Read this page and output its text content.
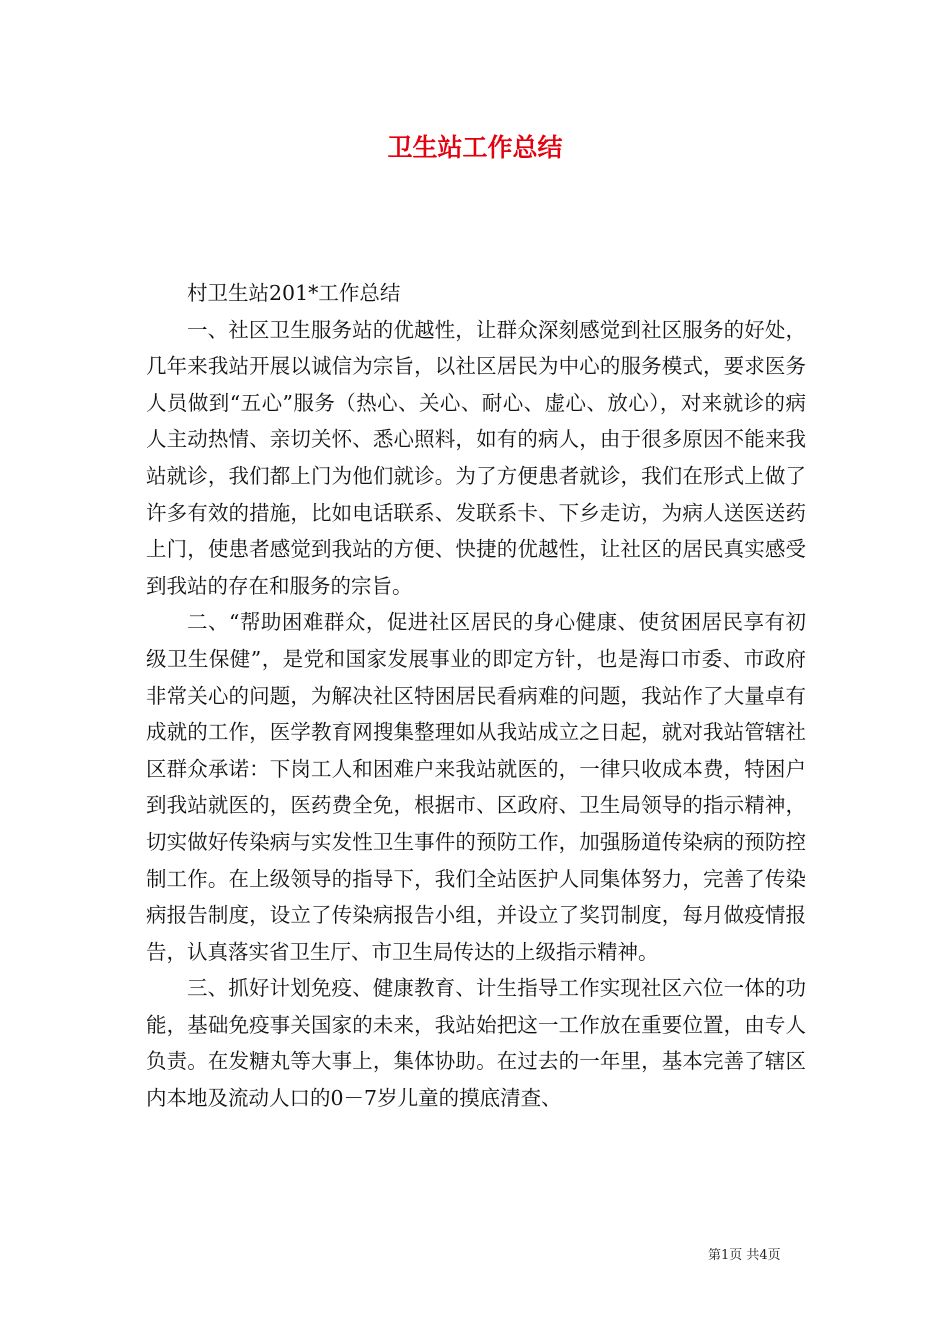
卫生站工作总结

村卫生站201*工作总结

一、社区卫生服务站的优越性，让群众深刻感觉到社区服务的好处，几年来我站开展以诚信为宗旨，以社区居民为中心的服务模式，要求医务人员做到“五心”服务（热心、关心、耐心、虚心、放心），对来就诊的病人主动热情、亲切关怀、悉心照料，如有的病人，由于很多原因不能来我站就诊，我们都上门为他们就诊。为了方便患者就诊，我们在形式上做了许多有效的措施，比如电话联系、发联系卡、下乡走访，为病人送医送药上门，使患者感觉到我站的方便、快捷的优越性，让社区的居民真实感受到我站的存在和服务的宗旨。

二、“帮助困难群众，促进社区居民的身心健康、使贫困居民享有初级卫生保健”，是党和国家发展事业的即定方针，也是海口市委、市政府非常关心的问题，为解决社区特困居民看病难的问题，我站作了大量卓有成就的工作，医学教育网搜集整理如从我站成立之日起，就对我站管辖社区群众承诺：下岗工人和困难户来我站就医的，一律只收成本费，特困户到我站就医的，医药费全免，根据市、区政府、卫生局领导的指示精神，切实做好传染病与实发性卫生事件的预防工作，加强肠道传染病的预防控制工作。在上级领导的指导下，我们全站医护人同集体努力，完善了传染病报告制度，设立了传染病报告小组，并设立了奖罚制度，每月做疫情报告，认真落实省卫生厅、市卫生局传达的上级指示精神。

三、抓好计划免疫、健康教育、计生指导工作实现社区六位一体的功能，基础免疫事关国家的未来，我站始把这一工作放在重要位置，由专人负责。在发糖丸等大事上，集体协助。在过去的一年里，基本完善了辖区内本地及流动人口的0－7岁儿童的摸底清查、

第1页 共4页
